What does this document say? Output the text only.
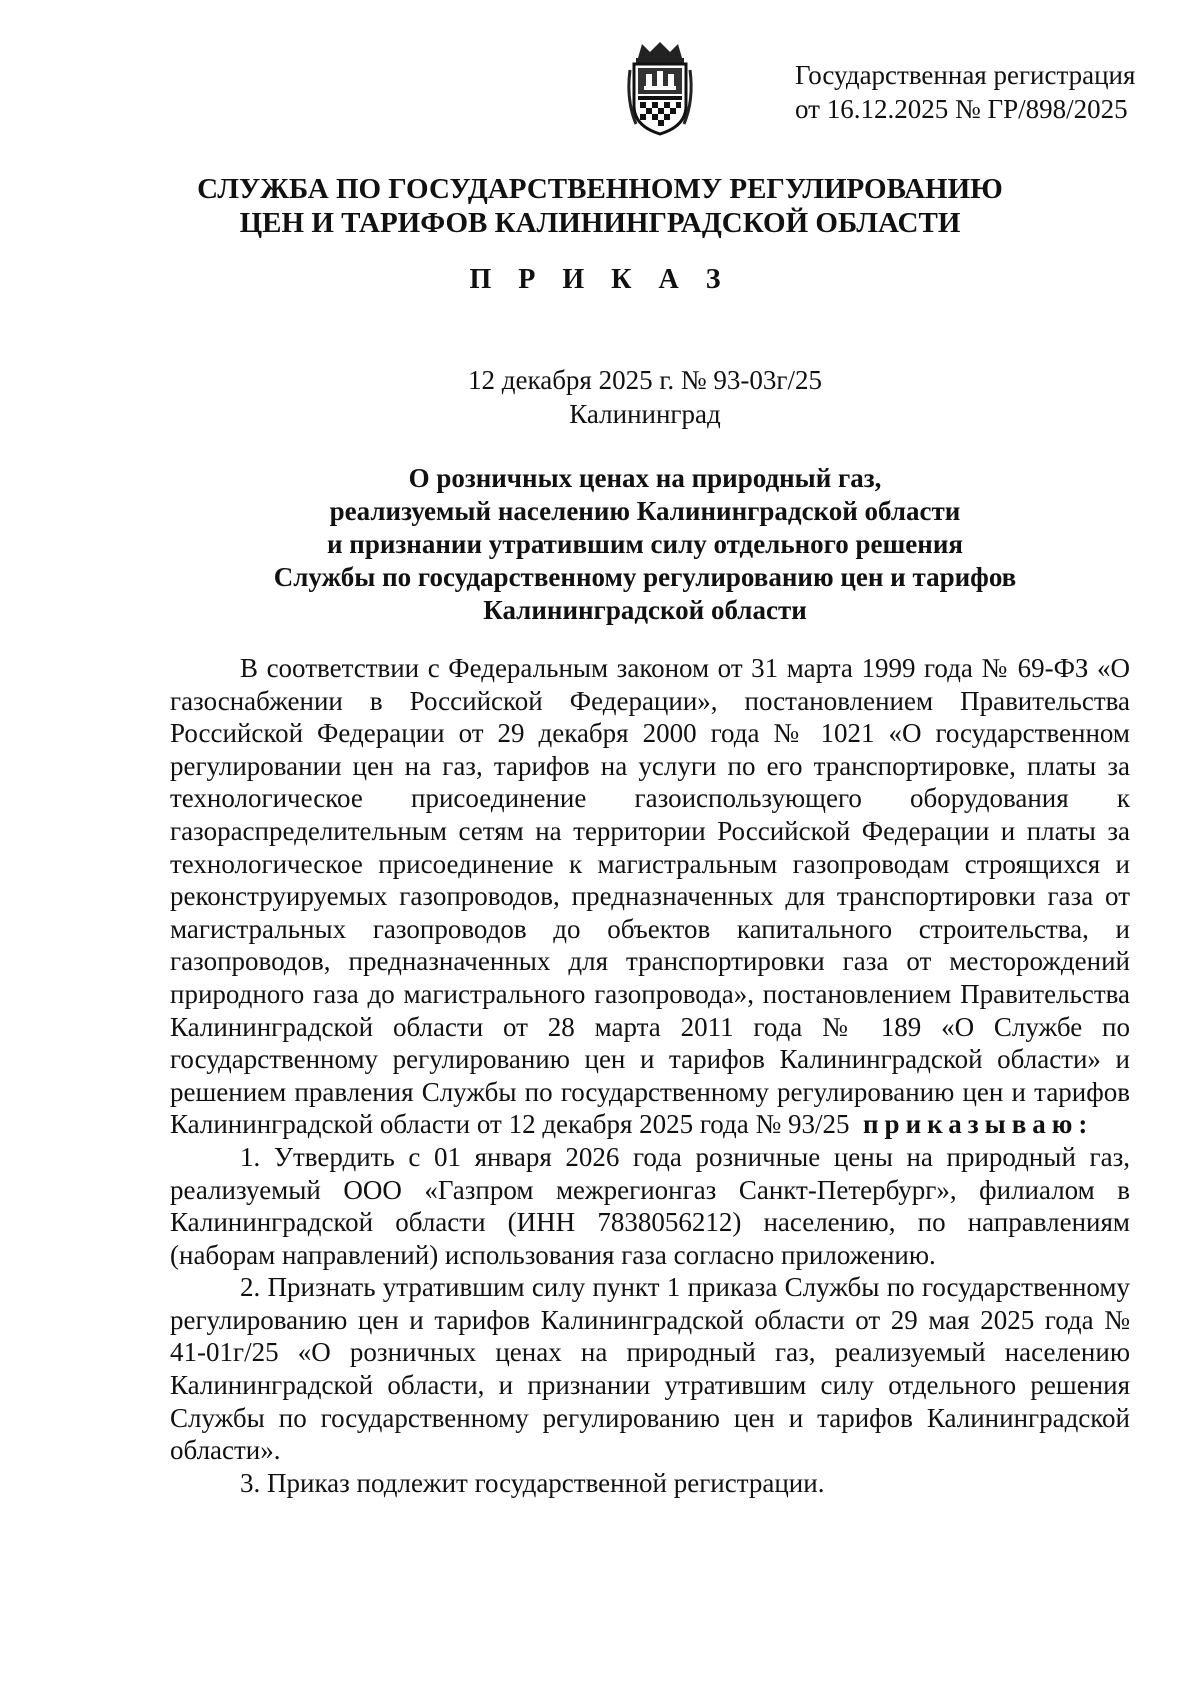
Государственная регистрация
от 16.12.2025 № ГР/898/2025
СЛУЖБА ПО ГОСУДАРСТВЕННОМУ РЕГУЛИРОВАНИЮ
ЦЕН И ТАРИФОВ КАЛИНИНГРАДСКОЙ ОБЛАСТИ
П Р И К А З
12 декабря 2025 г. № 93-03г/25
Калининград
О розничных ценах на природный газ,
реализуемый населению Калининградской области
и признании утратившим силу отдельного решения
Службы по государственному регулированию цен и тарифов
Калининградской области

В соответствии с Федеральным законом от 31 марта 1999 года № 69-ФЗ «О газоснабжении в Российской Федерации», постановлением Правительства Российской Федерации от 29 декабря 2000 года № 1021 «О государственном регулировании цен на газ, тарифов на услуги по его транспортировке, платы за технологическое присоединение газоиспользующего оборудования к газораспределительным сетям на территории Российской Федерации и платы за технологическое присоединение к магистральным газопроводам строящихся и реконструируемых газопроводов, предназначенных для транспортировки газа от магистральных газопроводов до объектов капитального строительства, и газопроводов, предназначенных для транспортировки газа от месторождений природного газа до магистрального газопровода», постановлением Правительства Калининградской области от 28 марта 2011 года № 189 «О Службе по государственному регулированию цен и тарифов Калининградской области» и решением правления Службы по государственному регулированию цен и тарифов Калининградской области от 12 декабря 2025 года № 93/25 приказываю:

1. Утвердить с 01 января 2026 года розничные цены на природный газ, реализуемый ООО «Газпром межрегионгаз Санкт-Петербург», филиалом в Калининградской области (ИНН 7838056212) населению, по направлениям (наборам направлений) использования газа согласно приложению.

2. Признать утратившим силу пункт 1 приказа Службы по государственному регулированию цен и тарифов Калининградской области от 29 мая 2025 года № 41-01г/25 «О розничных ценах на природный газ, реализуемый населению Калининградской области, и признании утратившим силу отдельного решения Службы по государственному регулированию цен и тарифов Калининградской области».

3. Приказ подлежит государственной регистрации.
